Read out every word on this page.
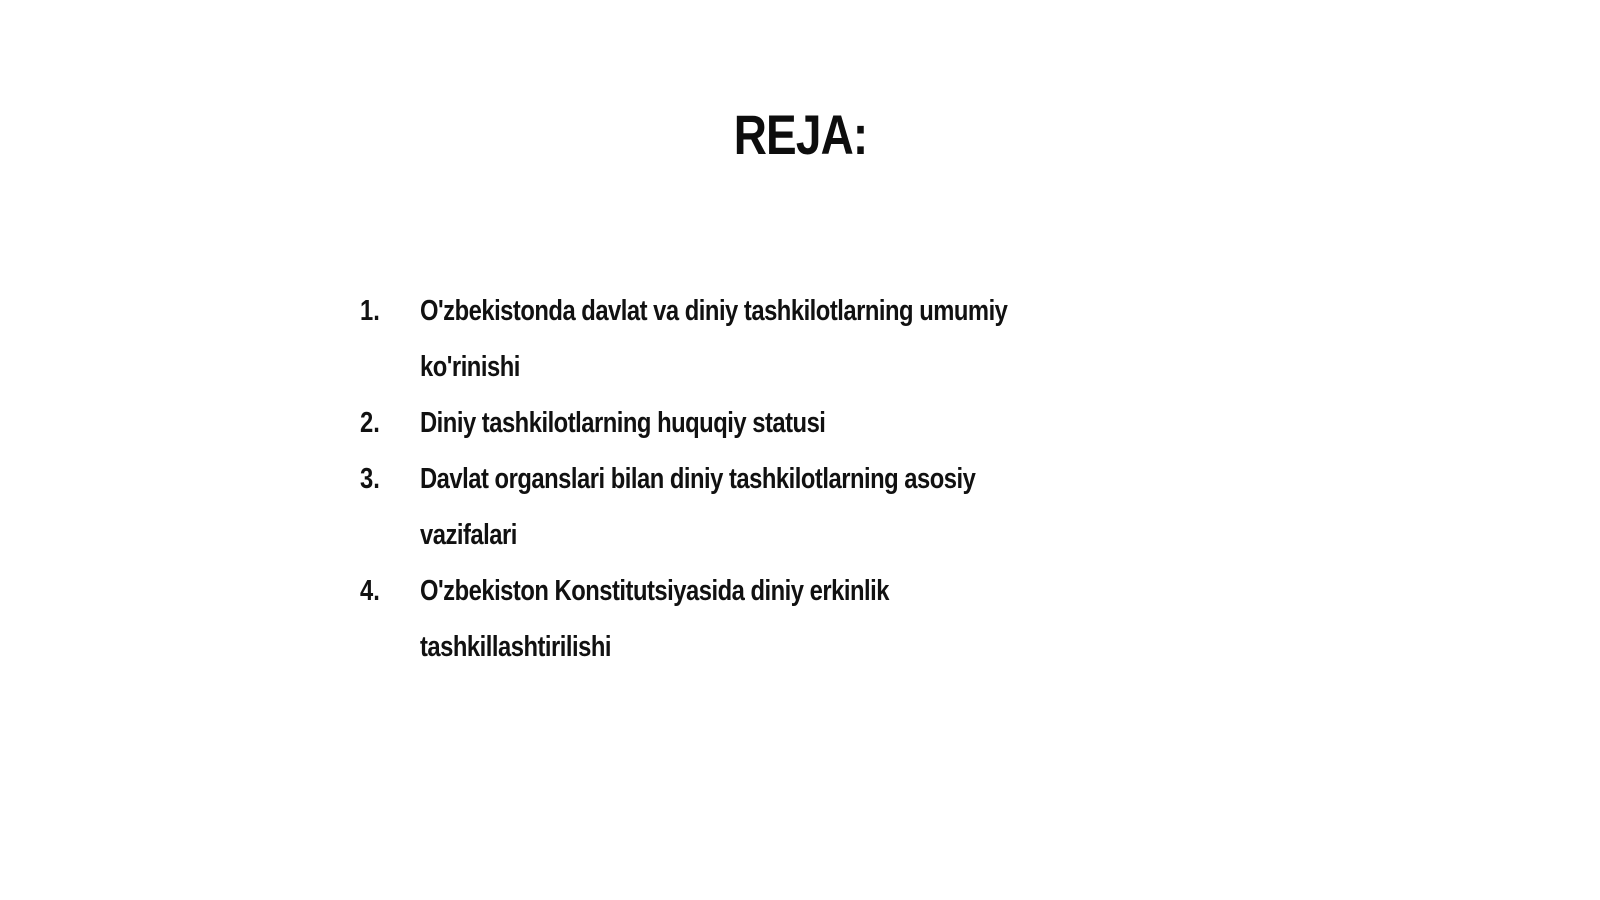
REJA:
1.	O'zbekistonda davlat va diniy tashkilotlarning umumiy ko'rinishi
2.	Diniy tashkilotlarning huquqiy statusi
3.	Davlat organslari bilan diniy tashkilotlarning asosiy vazifalari
4.	O'zbekiston Konstitutsiyasida diniy erkinlik tashkillashtirilishi
